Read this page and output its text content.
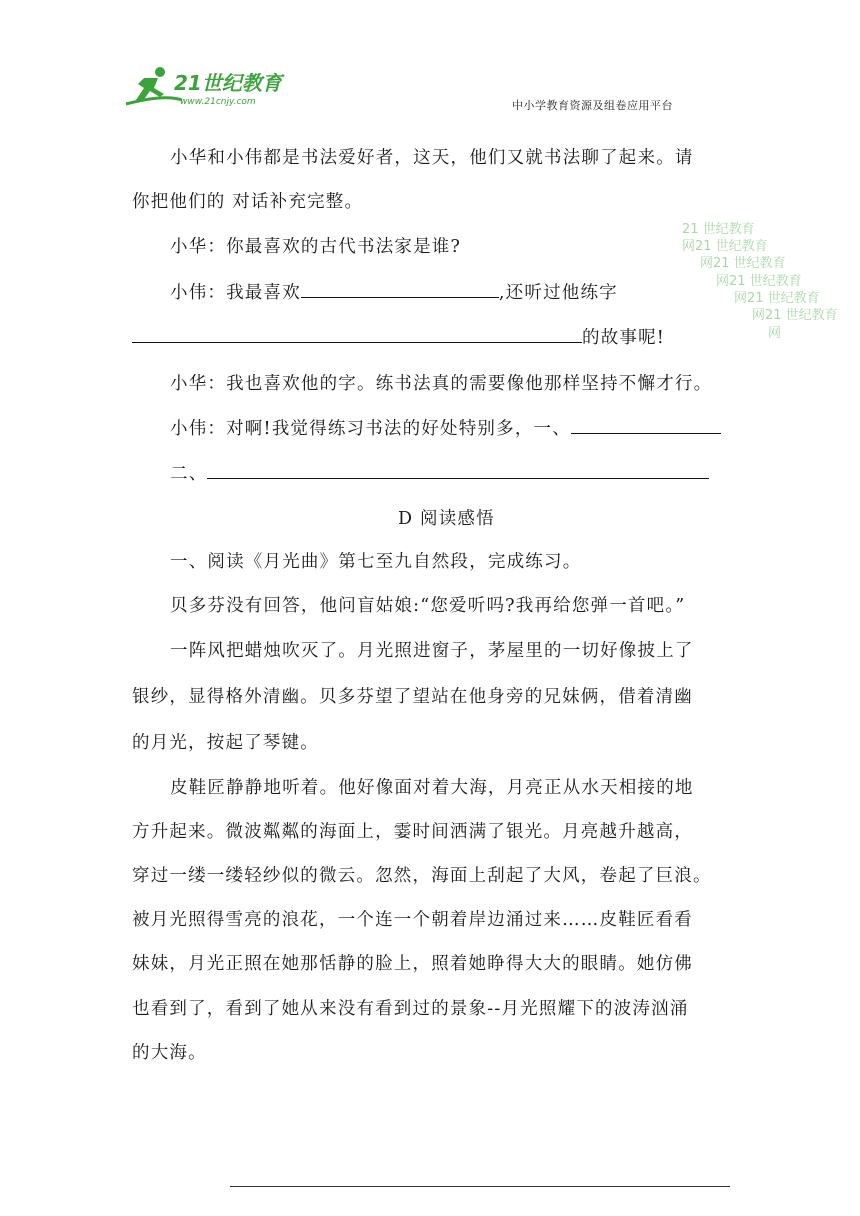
21世纪教育
www.21cnjy.com	中小学教育资源及组卷应用平台
21 世纪教育
网21 世纪教育
网21 世纪教育
网21 世纪教育
网21 世纪教育
网21 世纪教育
网
小华和小伟都是书法爱好者，这天，他们又就书法聊了起来。请
你把他们的 对话补充完整。
小华：你最喜欢的古代书法家是谁?
小伟：我最喜欢	,还听过他练字
的故事呢!
小华：我也喜欢他的字。练书法真的需要像他那样坚持不懈才行。
小伟：对啊!我觉得练习书法的好处特别多，一、
二、
D 阅读感悟
一、阅读《月光曲》第七至九自然段，完成练习。
贝多芬没有回答，他问盲姑娘:“您爱听吗?我再给您弹一首吧。”
一阵风把蜡烛吹灭了。月光照进窗子，茅屋里的一切好像披上了
银纱，显得格外清幽。贝多芬望了望站在他身旁的兄妹俩，借着清幽
的月光，按起了琴键。
皮鞋匠静静地听着。他好像面对着大海，月亮正从水天相接的地
方升起来。微波粼粼的海面上，霎时间洒满了银光。月亮越升越高，
穿过一缕一缕轻纱似的微云。忽然，海面上刮起了大风，卷起了巨浪。
被月光照得雪亮的浪花，一个连一个朝着岸边涌过来……皮鞋匠看看
妹妹，月光正照在她那恬静的脸上，照着她睁得大大的眼睛。她仿佛
也看到了，看到了她从来没有看到过的景象--月光照耀下的波涛汹涌
的大海。
